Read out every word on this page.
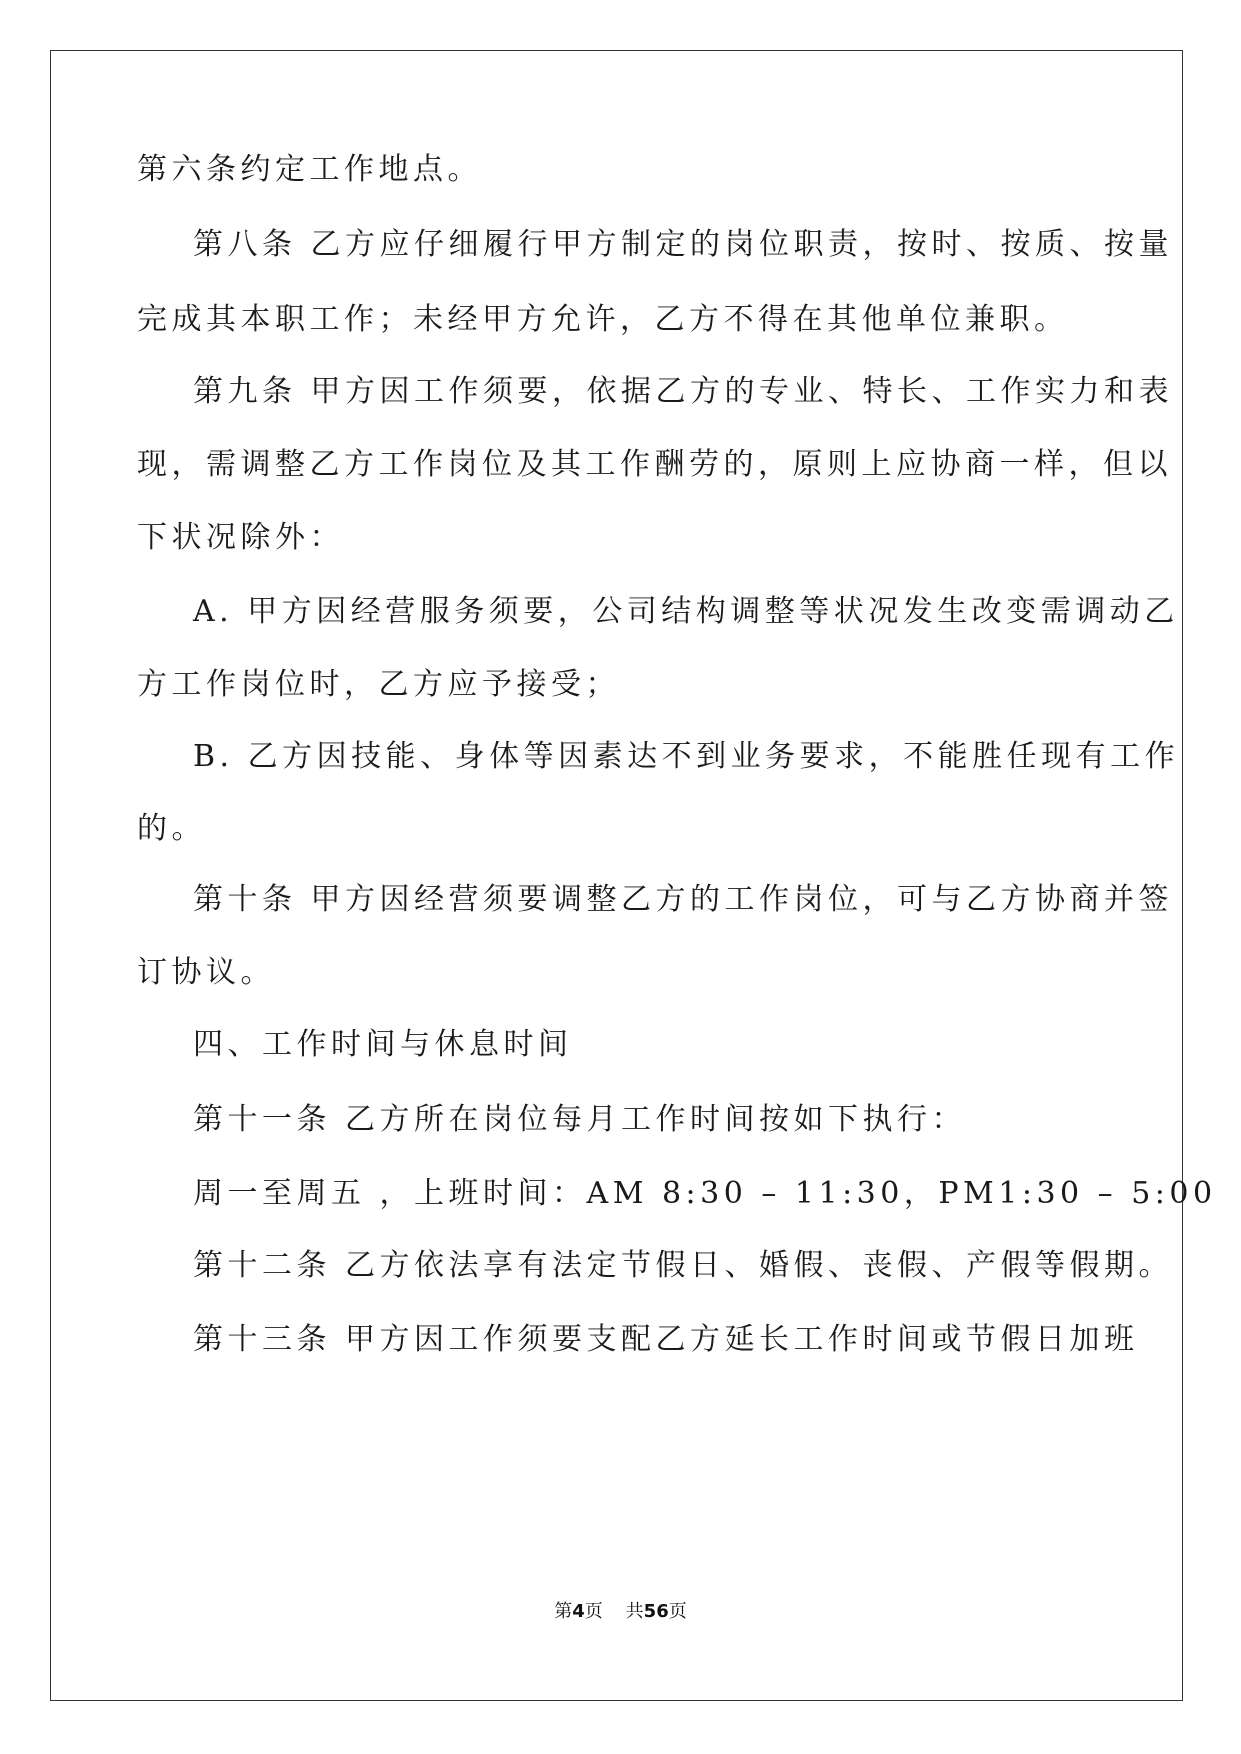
第六条约定工作地点。
第八条 乙方应仔细履行甲方制定的岗位职责，按时、按质、按量
完成其本职工作；未经甲方允许，乙方不得在其他单位兼职。
第九条 甲方因工作须要，依据乙方的专业、特长、工作实力和表
现，需调整乙方工作岗位及其工作酬劳的，原则上应协商一样，但以
下状况除外：
A. 甲方因经营服务须要，公司结构调整等状况发生改变需调动乙
方工作岗位时，乙方应予接受；
B. 乙方因技能、身体等因素达不到业务要求，不能胜任现有工作
的。
第十条 甲方因经营须要调整乙方的工作岗位，可与乙方协商并签
订协议。
四、工作时间与休息时间
第十一条 乙方所在岗位每月工作时间按如下执行：
周一至周五 ，上班时间：AM 8:30 – 11:30，PM1:30 – 5:00
第十二条 乙方依法享有法定节假日、婚假、丧假、产假等假期。
第十三条 甲方因工作须要支配乙方延长工作时间或节假日加班
第4页 共56页
